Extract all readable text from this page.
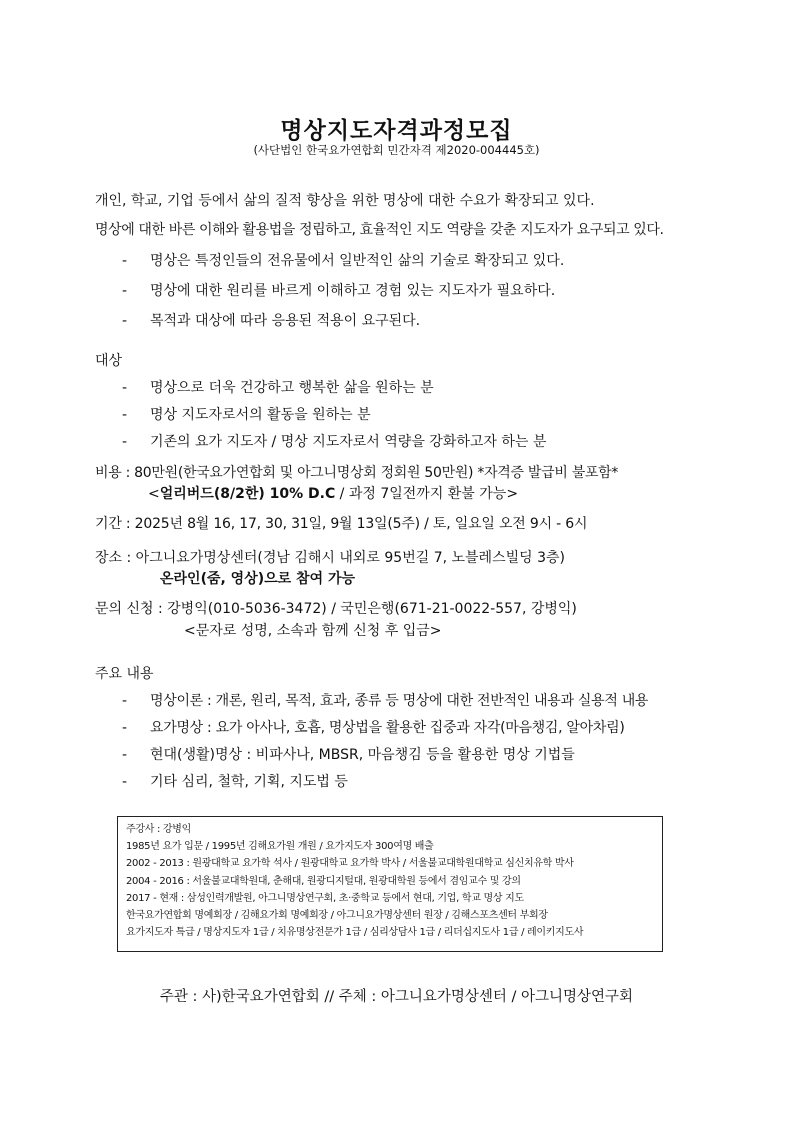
명상지도자격과정모집
(사단법인 한국요가연합회 민간자격 제2020-004445호)
개인, 학교, 기업 등에서 삶의 질적 향상을 위한 명상에 대한 수요가 확장되고 있다.
명상에 대한 바른 이해와 활용법을 정립하고, 효율적인 지도 역량을 갖춘 지도자가 요구되고 있다.
- 명상은 특정인들의 전유물에서 일반적인 삶의 기술로 확장되고 있다.
- 명상에 대한 원리를 바르게 이해하고 경험 있는 지도자가 필요하다.
- 목적과 대상에 따라 응용된 적용이 요구된다.
대상
- 명상으로 더욱 건강하고 행복한 삶을 원하는 분
- 명상 지도자로서의 활동을 원하는 분
- 기존의 요가 지도자 / 명상 지도자로서 역량을 강화하고자 하는 분
비용 : 80만원(한국요가연합회 및 아그니명상회 정회원 50만원) *자격증 발급비 불포함*
<얼리버드(8/2한) 10% D.C / 과정 7일전까지 환불 가능>
기간 : 2025년 8월 16, 17, 30, 31일, 9월 13일(5주) / 토, 일요일 오전 9시 - 6시
장소 : 아그니요가명상센터(경남 김해시 내외로 95번길 7, 노블레스빌딩 3층)
온라인(줌, 영상)으로 참여 가능
문의 신청 : 강병익(010-5036-3472) / 국민은행(671-21-0022-557, 강병익)
<문자로 성명, 소속과 함께 신청 후 입금>
주요 내용
- 명상이론 : 개론, 원리, 목적, 효과, 종류 등 명상에 대한 전반적인 내용과 실용적 내용
- 요가명상 : 요가 아사나, 호흡, 명상법을 활용한 집중과 자각(마음챙김, 알아차림)
- 현대(생활)명상 : 비파사나, MBSR, 마음챙김 등을 활용한 명상 기법들
- 기타 심리, 철학, 기획, 지도법 등
주강사 : 강병익
1985년 요가 입문 / 1995년 김해요가원 개원 / 요가지도자 300여명 배출
2002 - 2013 : 원광대학교 요가학 석사 / 원광대학교 요가학 박사 / 서울불교대학원대학교 심신치유학 박사
2004 - 2016 : 서울불교대학원대, 춘해대, 원광디지털대, 원광대학원 등에서 겸임교수 및 강의
2017 - 현재 : 삼성인력개발원, 아그니명상연구회, 초·중학교 등에서 현대, 기업, 학교 명상 지도
한국요가연합회 명예회장 / 김해요가회 명예회장 / 아그니요가명상센터 원장 / 김해스포츠센터 부회장
요가지도자 특급 / 명상지도자 1급 / 치유명상전문가 1급 / 심리상담사 1급 / 리더십지도사 1급 / 레이키지도사
주관 : 사)한국요가연합회 // 주체 : 아그니요가명상센터 / 아그니명상연구회
